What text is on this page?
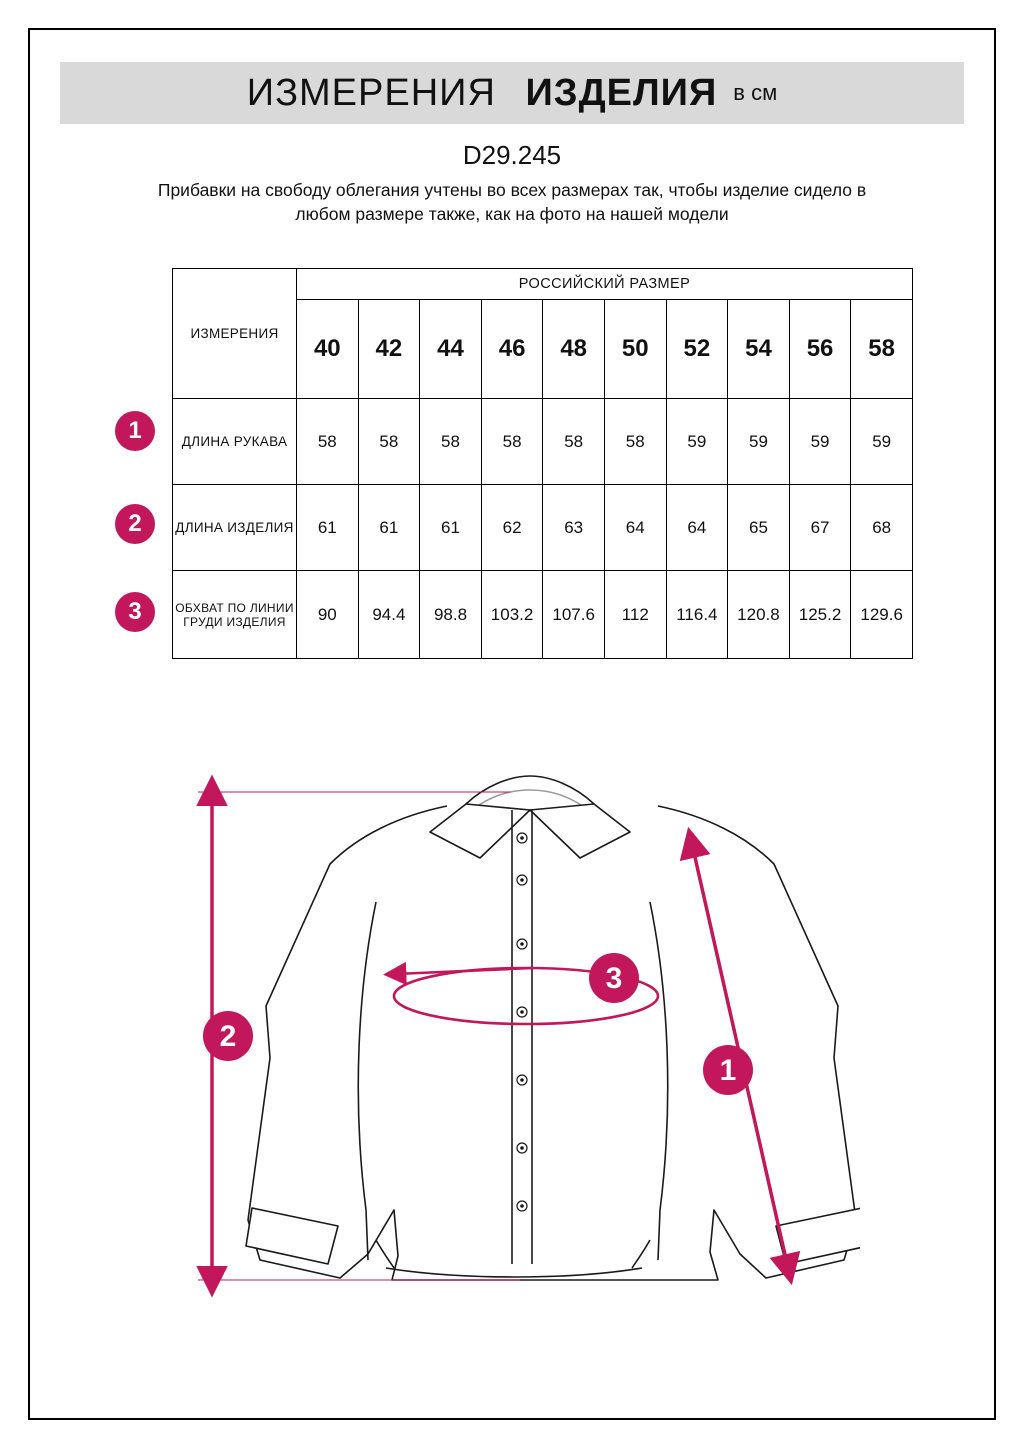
ИЗМЕРЕНИЯ ИЗДЕЛИЯ в см
D29.245
Прибавки на свободу облегания учтены во всех размерах так, чтобы изделие сидело в любом размере также, как на фото на нашей модели
1
2
3
ИЗМЕРЕНИЯ	РОССИЙСКИЙ РАЗМЕР									
	40	42	44	46	48	50	52	54	56	58
ДЛИНА РУКАВА	58	58	58	58	58	58	59	59	59	59
ДЛИНА ИЗДЕЛИЯ	61	61	61	62	63	64	64	65	67	68
ОБХВАТ ПО ЛИНИИ ГРУДИ ИЗДЕЛИЯ	90	94.4	98.8	103.2	107.6	112	116.4	120.8	125.2	129.6
2
1
3
